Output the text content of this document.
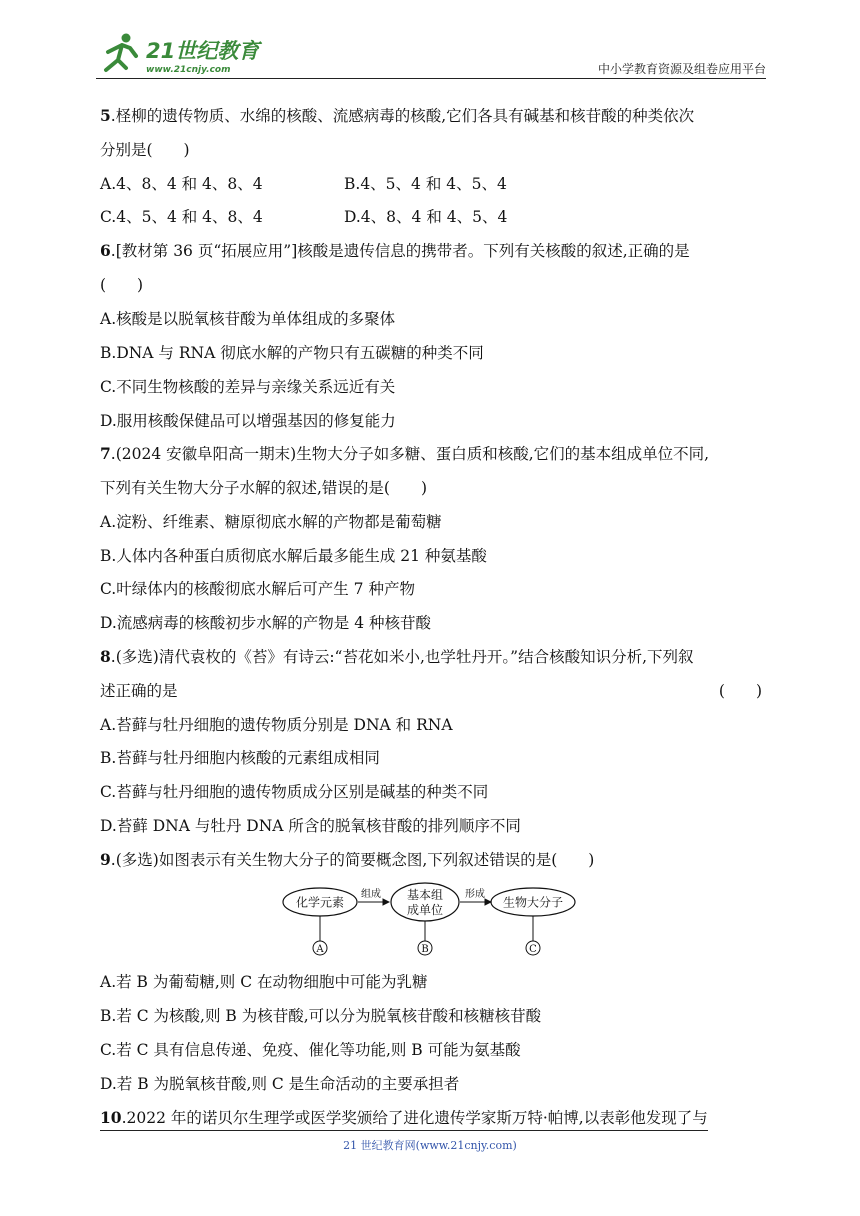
21世纪教育
www.21cnjy.com	中小学教育资源及组卷应用平台
5.柽柳的遗传物质、水绵的核酸、流感病毒的核酸,它们各具有碱基和核苷酸的种类依次
分别是(　　)
A.4、8、4 和 4、8、4	B.4、5、4 和 4、5、4
C.4、5、4 和 4、8、4	D.4、8、4 和 4、5、4
6.[教材第 36 页“拓展应用”]核酸是遗传信息的携带者。下列有关核酸的叙述,正确的是
(　　)
A.核酸是以脱氧核苷酸为单体组成的多聚体
B.DNA 与 RNA 彻底水解的产物只有五碳糖的种类不同
C.不同生物核酸的差异与亲缘关系远近有关
D.服用核酸保健品可以增强基因的修复能力
7.(2024 安徽阜阳高一期末)生物大分子如多糖、蛋白质和核酸,它们的基本组成单位不同,
下列有关生物大分子水解的叙述,错误的是(　　)
A.淀粉、纤维素、糖原彻底水解的产物都是葡萄糖
B.人体内各种蛋白质彻底水解后最多能生成 21 种氨基酸
C.叶绿体内的核酸彻底水解后可产生 7 种产物
D.流感病毒的核酸初步水解的产物是 4 种核苷酸
8.(多选)清代袁枚的《苔》有诗云:“苔花如米小,也学牡丹开。”结合核酸知识分析,下列叙
述正确的是	(　　)
A.苔藓与牡丹细胞的遗传物质分别是 DNA 和 RNA
B.苔藓与牡丹细胞内核酸的元素组成相同
C.苔藓与牡丹细胞的遗传物质成分区别是碱基的种类不同
D.苔藓 DNA 与牡丹 DNA 所含的脱氧核苷酸的排列顺序不同
9.(多选)如图表示有关生物大分子的简要概念图,下列叙述错误的是(　　)
化学元素
组成 基本组
成单位
形成
生物大分子
A	B	C
A.若 B 为葡萄糖,则 C 在动物细胞中可能为乳糖
B.若 C 为核酸,则 B 为核苷酸,可以分为脱氧核苷酸和核糖核苷酸
C.若 C 具有信息传递、免疫、催化等功能,则 B 可能为氨基酸
D.若 B 为脱氧核苷酸,则 C 是生命活动的主要承担者
10.2022 年的诺贝尔生理学或医学奖颁给了进化遗传学家斯万特·帕博,以表彰他发现了与
21 世纪教育网(www.21cnjy.com)
